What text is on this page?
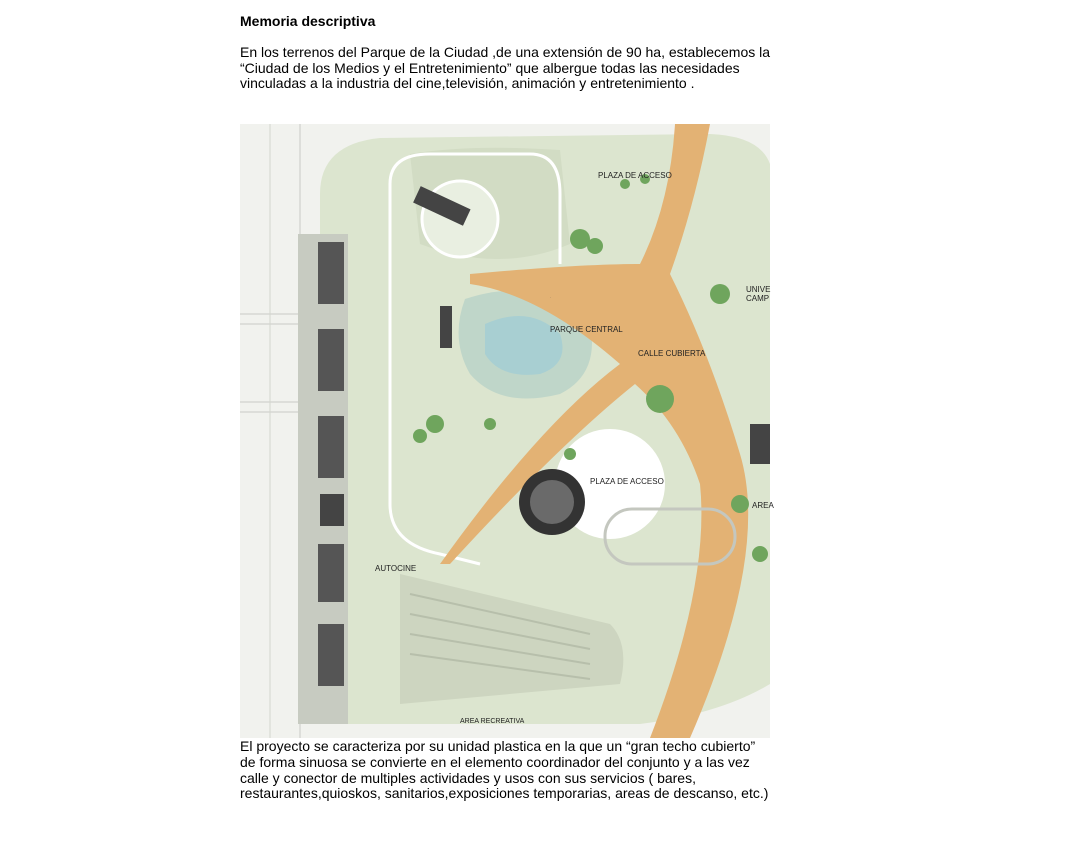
Memoria descriptiva

En los terrenos del Parque de la Ciudad ,de una extensión de 90 ha, establecemos la “Ciudad de los Medios y el Entretenimiento” que albergue todas las necesidades vinculadas a la industria del cine,televisión, animación y entretenimiento .

·
PLAZA DE ACCESO
PARQUE CENTRAL
CALLE CUBIERTA
PLAZA DE ACCESO
AUTOCINE
AREA RECREATIVA
UNIVE
CAMP
AREA

El proyecto se caracteriza por su unidad plastica en la que un “gran techo cubierto”
de forma sinuosa se convierte en el elemento coordinador del conjunto y a las vez calle y conector de multiples actividades y usos con sus servicios ( bares, restaurantes,quioskos, sanitarios,exposiciones temporarias, areas de descanso, etc.)
